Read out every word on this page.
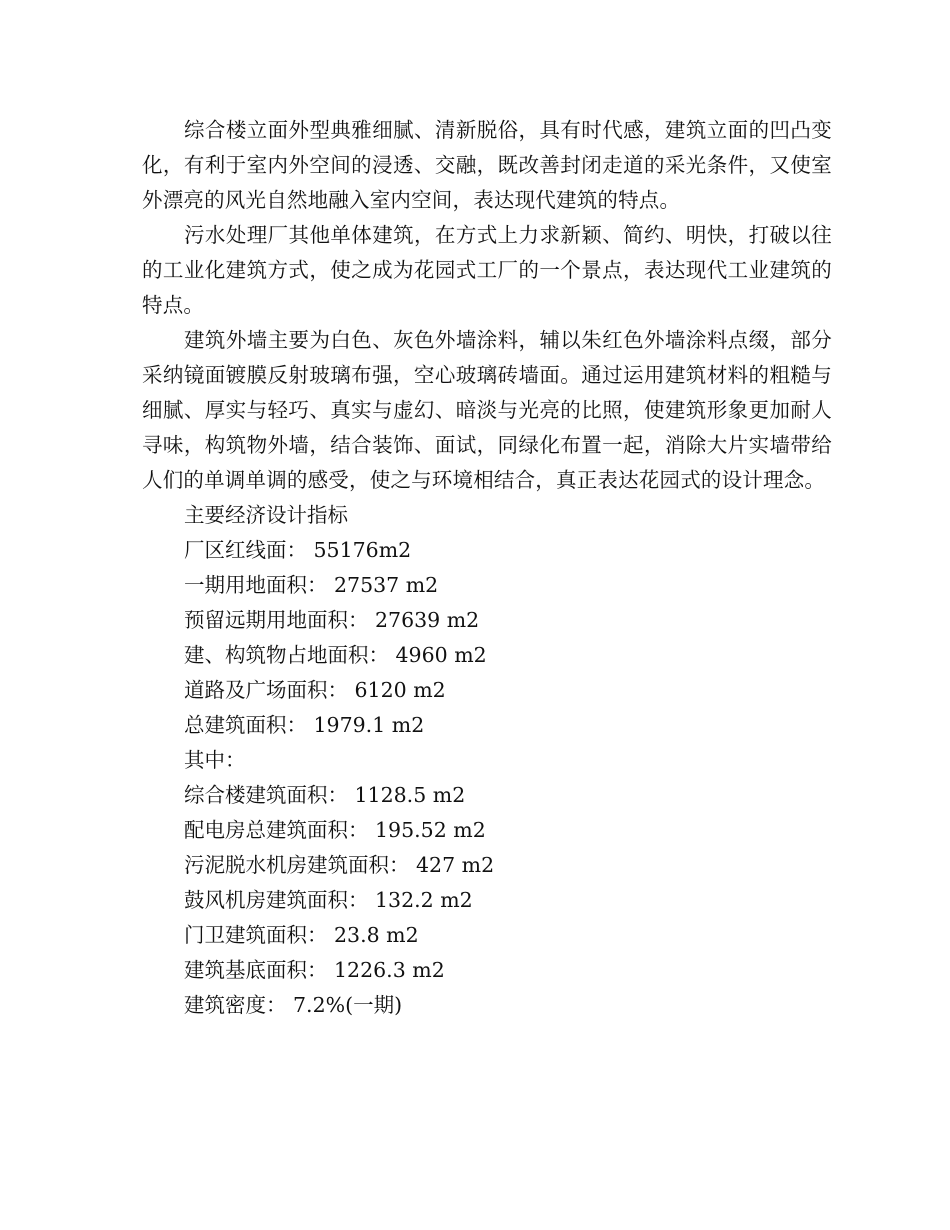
综合楼立面外型典雅细腻、清新脱俗，具有时代感，建筑立面的凹凸变化，有利于室内外空间的浸透、交融，既改善封闭走道的采光条件，又使室外漂亮的风光自然地融入室内空间，表达现代建筑的特点。

污水处理厂其他单体建筑，在方式上力求新颖、简约、明快，打破以往的工业化建筑方式，使之成为花园式工厂的一个景点，表达现代工业建筑的特点。

建筑外墙主要为白色、灰色外墙涂料，辅以朱红色外墙涂料点缀，部分采纳镜面镀膜反射玻璃布强，空心玻璃砖墙面。通过运用建筑材料的粗糙与细腻、厚实与轻巧、真实与虚幻、暗淡与光亮的比照，使建筑形象更加耐人寻味，构筑物外墙，结合装饰、面试，同绿化布置一起，消除大片实墙带给人们的单调单调的感受，使之与环境相结合，真正表达花园式的设计理念。

主要经济设计指标
厂区红线面： 55176m2
一期用地面积： 27537 m2
预留远期用地面积： 27639 m2
建、构筑物占地面积： 4960 m2
道路及广场面积： 6120 m2
总建筑面积： 1979.1 m2
其中：
综合楼建筑面积： 1128.5 m2
配电房总建筑面积： 195.52 m2
污泥脱水机房建筑面积： 427 m2
鼓风机房建筑面积： 132.2 m2
门卫建筑面积： 23.8 m2
建筑基底面积： 1226.3 m2
建筑密度： 7.2%(一期)
